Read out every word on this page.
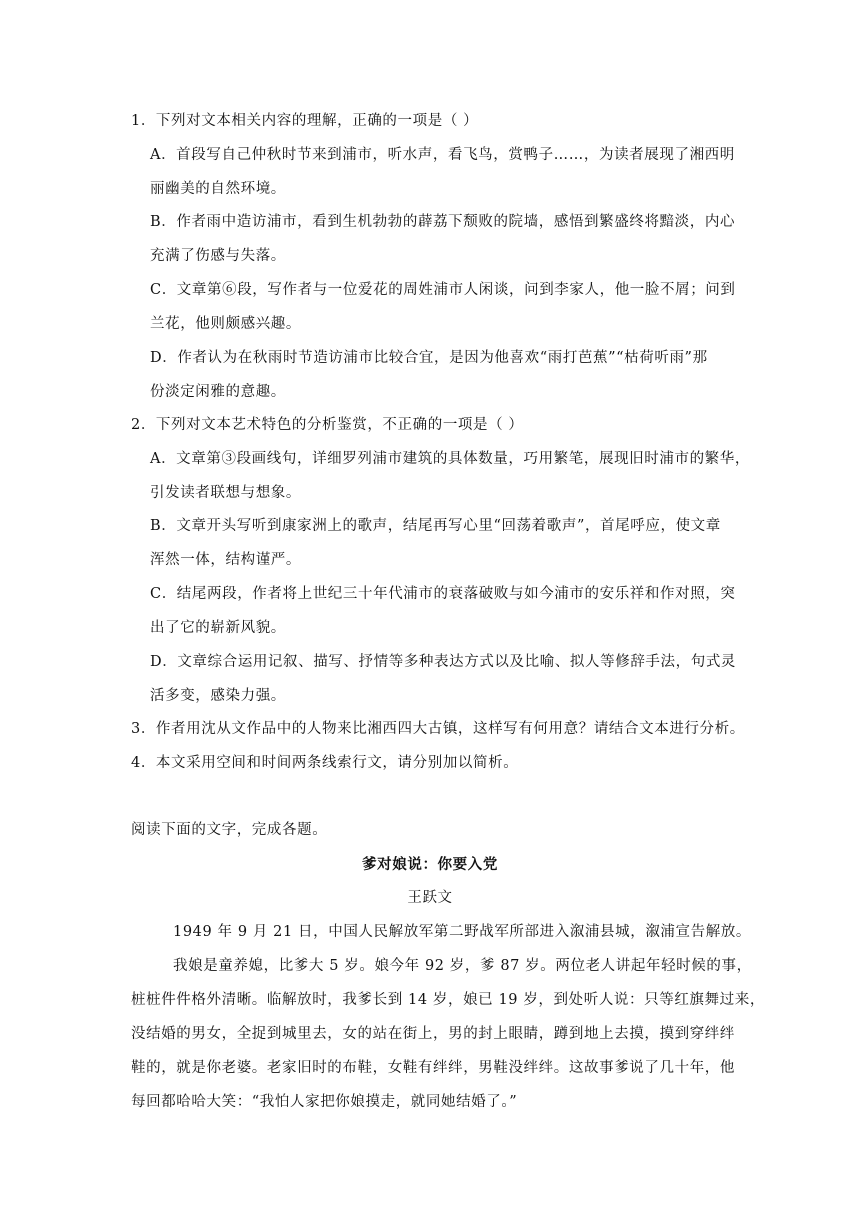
1．下列对文本相关内容的理解，正确的一项是（ ）
A．首段写自己仲秋时节来到浦市，听水声，看飞鸟，赏鸭子……，为读者展现了湘西明
丽幽美的自然环境。
B．作者雨中造访浦市，看到生机勃勃的薜荔下颓败的院墙，感悟到繁盛终将黯淡，内心
充满了伤感与失落。
C．文章第⑥段，写作者与一位爱花的周姓浦市人闲谈，问到李家人，他一脸不屑；问到
兰花，他则颇感兴趣。
D．作者认为在秋雨时节造访浦市比较合宜，是因为他喜欢“雨打芭蕉”“枯荷听雨”那
份淡定闲雅的意趣。
2．下列对文本艺术特色的分析鉴赏，不正确的一项是（ ）
A．文章第③段画线句，详细罗列浦市建筑的具体数量，巧用繁笔，展现旧时浦市的繁华，
引发读者联想与想象。
B．文章开头写听到康家洲上的歌声，结尾再写心里“回荡着歌声”，首尾呼应，使文章
浑然一体，结构谨严。
C．结尾两段，作者将上世纪三十年代浦市的衰落破败与如今浦市的安乐祥和作对照，突
出了它的崭新风貌。
D．文章综合运用记叙、描写、抒情等多种表达方式以及比喻、拟人等修辞手法，句式灵
活多变，感染力强。
3．作者用沈从文作品中的人物来比湘西四大古镇，这样写有何用意？请结合文本进行分析。
4．本文采用空间和时间两条线索行文，请分别加以简析。
阅读下面的文字，完成各题。
爹对娘说：你要入党
王跃文
1949 年 9 月 21 日，中国人民解放军第二野战军所部进入溆浦县城，溆浦宣告解放。
我娘是童养媳，比爹大 5 岁。娘今年 92 岁，爹 87 岁。两位老人讲起年轻时候的事，
桩桩件件格外清晰。临解放时，我爹长到 14 岁，娘已 19 岁，到处听人说：只等红旗舞过来，
没结婚的男女，全捉到城里去，女的站在街上，男的封上眼睛，蹲到地上去摸，摸到穿绊绊
鞋的，就是你老婆。老家旧时的布鞋，女鞋有绊绊，男鞋没绊绊。这故事爹说了几十年，他
每回都哈哈大笑：“我怕人家把你娘摸走，就同她结婚了。”
